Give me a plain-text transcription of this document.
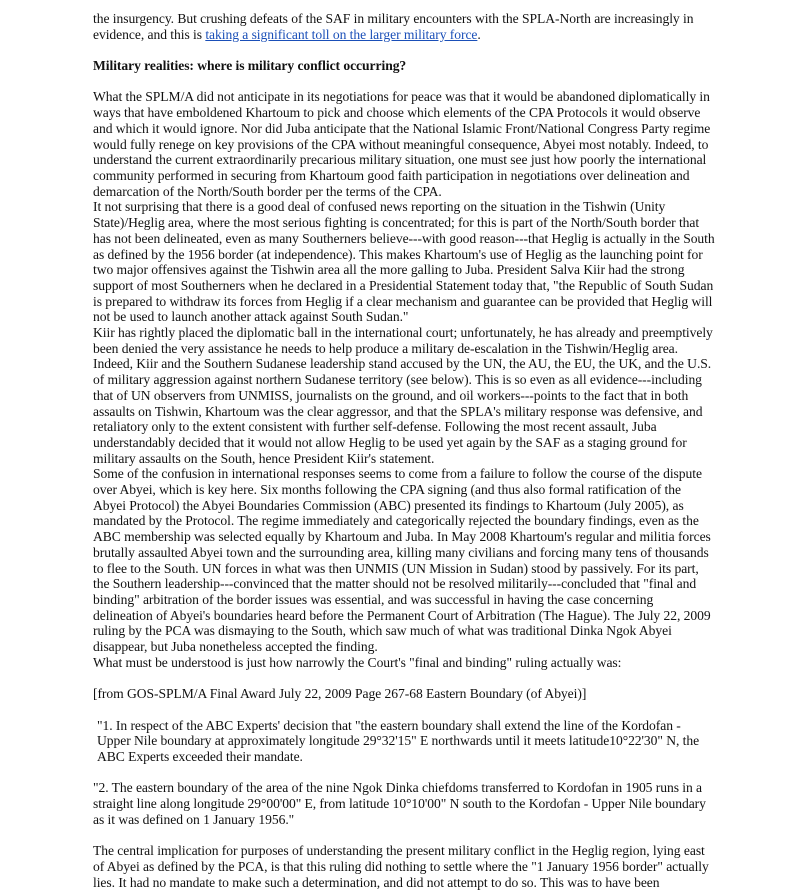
the insurgency. But crushing defeats of the SAF in military encounters with the SPLA-North are increasingly in evidence, and this is taking a significant toll on the larger military force.

Military realities: where is military conflict occurring?

What the SPLM/A did not anticipate in its negotiations for peace was that it would be abandoned diplomatically in ways that have emboldened Khartoum to pick and choose which elements of the CPA Protocols it would observe and which it would ignore. Nor did Juba anticipate that the National Islamic Front/National Congress Party regime would fully renege on key provisions of the CPA without meaningful consequence, Abyei most notably. Indeed, to understand the current extraordinarily precarious military situation, one must see just how poorly the international community performed in securing from Khartoum good faith participation in negotiations over delineation and demarcation of the North/South border per the terms of the CPA.

It not surprising that there is a good deal of confused news reporting on the situation in the Tishwin (Unity State)/Heglig area, where the most serious fighting is concentrated; for this is part of the North/South border that has not been delineated, even as many Southerners believe---with good reason---that Heglig is actually in the South as defined by the 1956 border (at independence). This makes Khartoum's use of Heglig as the launching point for two major offensives against the Tishwin area all the more galling to Juba. President Salva Kiir had the strong support of most Southerners when he declared in a Presidential Statement today that, "the Republic of South Sudan is prepared to withdraw its forces from Heglig if a clear mechanism and guarantee can be provided that Heglig will not be used to launch another attack against South Sudan."

Kiir has rightly placed the diplomatic ball in the international court; unfortunately, he has already and preemptively been denied the very assistance he needs to help produce a military de-escalation in the Tishwin/Heglig area. Indeed, Kiir and the Southern Sudanese leadership stand accused by the UN, the AU, the EU, the UK, and the U.S. of military aggression against northern Sudanese territory (see below). This is so even as all evidence---including that of UN observers from UNMISS, journalists on the ground, and oil workers---points to the fact that in both assaults on Tishwin, Khartoum was the clear aggressor, and that the SPLA's military response was defensive, and retaliatory only to the extent consistent with further self-defense. Following the most recent assault, Juba understandably decided that it would not allow Heglig to be used yet again by the SAF as a staging ground for military assaults on the South, hence President Kiir's statement.

Some of the confusion in international responses seems to come from a failure to follow the course of the dispute over Abyei, which is key here. Six months following the CPA signing (and thus also formal ratification of the Abyei Protocol) the Abyei Boundaries Commission (ABC) presented its findings to Khartoum (July 2005), as mandated by the Protocol. The regime immediately and categorically rejected the boundary findings, even as the ABC membership was selected equally by Khartoum and Juba. In May 2008 Khartoum's regular and militia forces brutally assaulted Abyei town and the surrounding area, killing many civilians and forcing many tens of thousands to flee to the South. UN forces in what was then UNMIS (UN Mission in Sudan) stood by passively. For its part, the Southern leadership---convinced that the matter should not be resolved militarily---concluded that "final and binding" arbitration of the border issues was essential, and was successful in having the case concerning delineation of Abyei's boundaries heard before the Permanent Court of Arbitration (The Hague). The July 22, 2009 ruling by the PCA was dismaying to the South, which saw much of what was traditional Dinka Ngok Abyei disappear, but Juba nonetheless accepted the finding.

What must be understood is just how narrowly the Court's "final and binding" ruling actually was:

[from GOS-SPLM/A Final Award July 22, 2009 Page 267-68 Eastern Boundary (of Abyei)]

"1. In respect of the ABC Experts' decision that "the eastern boundary shall extend the line of the Kordofan - Upper Nile boundary at approximately longitude 29°32'15" E northwards until it meets latitude10°22'30" N, the ABC Experts exceeded their mandate.

"2. The eastern boundary of the area of the nine Ngok Dinka chiefdoms transferred to Kordofan in 1905 runs in a straight line along longitude 29°00'00" E, from latitude 10°10'00" N south to the Kordofan - Upper Nile boundary as it was defined on 1 January 1956."

The central implication for purposes of understanding the present military conflict in the Heglig region, lying east of Abyei as defined by the PCA, is that this ruling did nothing to settle where the "1 January 1956 border" actually lies. It had no mandate to make such a determination, and did not attempt to do so. This was to have been
